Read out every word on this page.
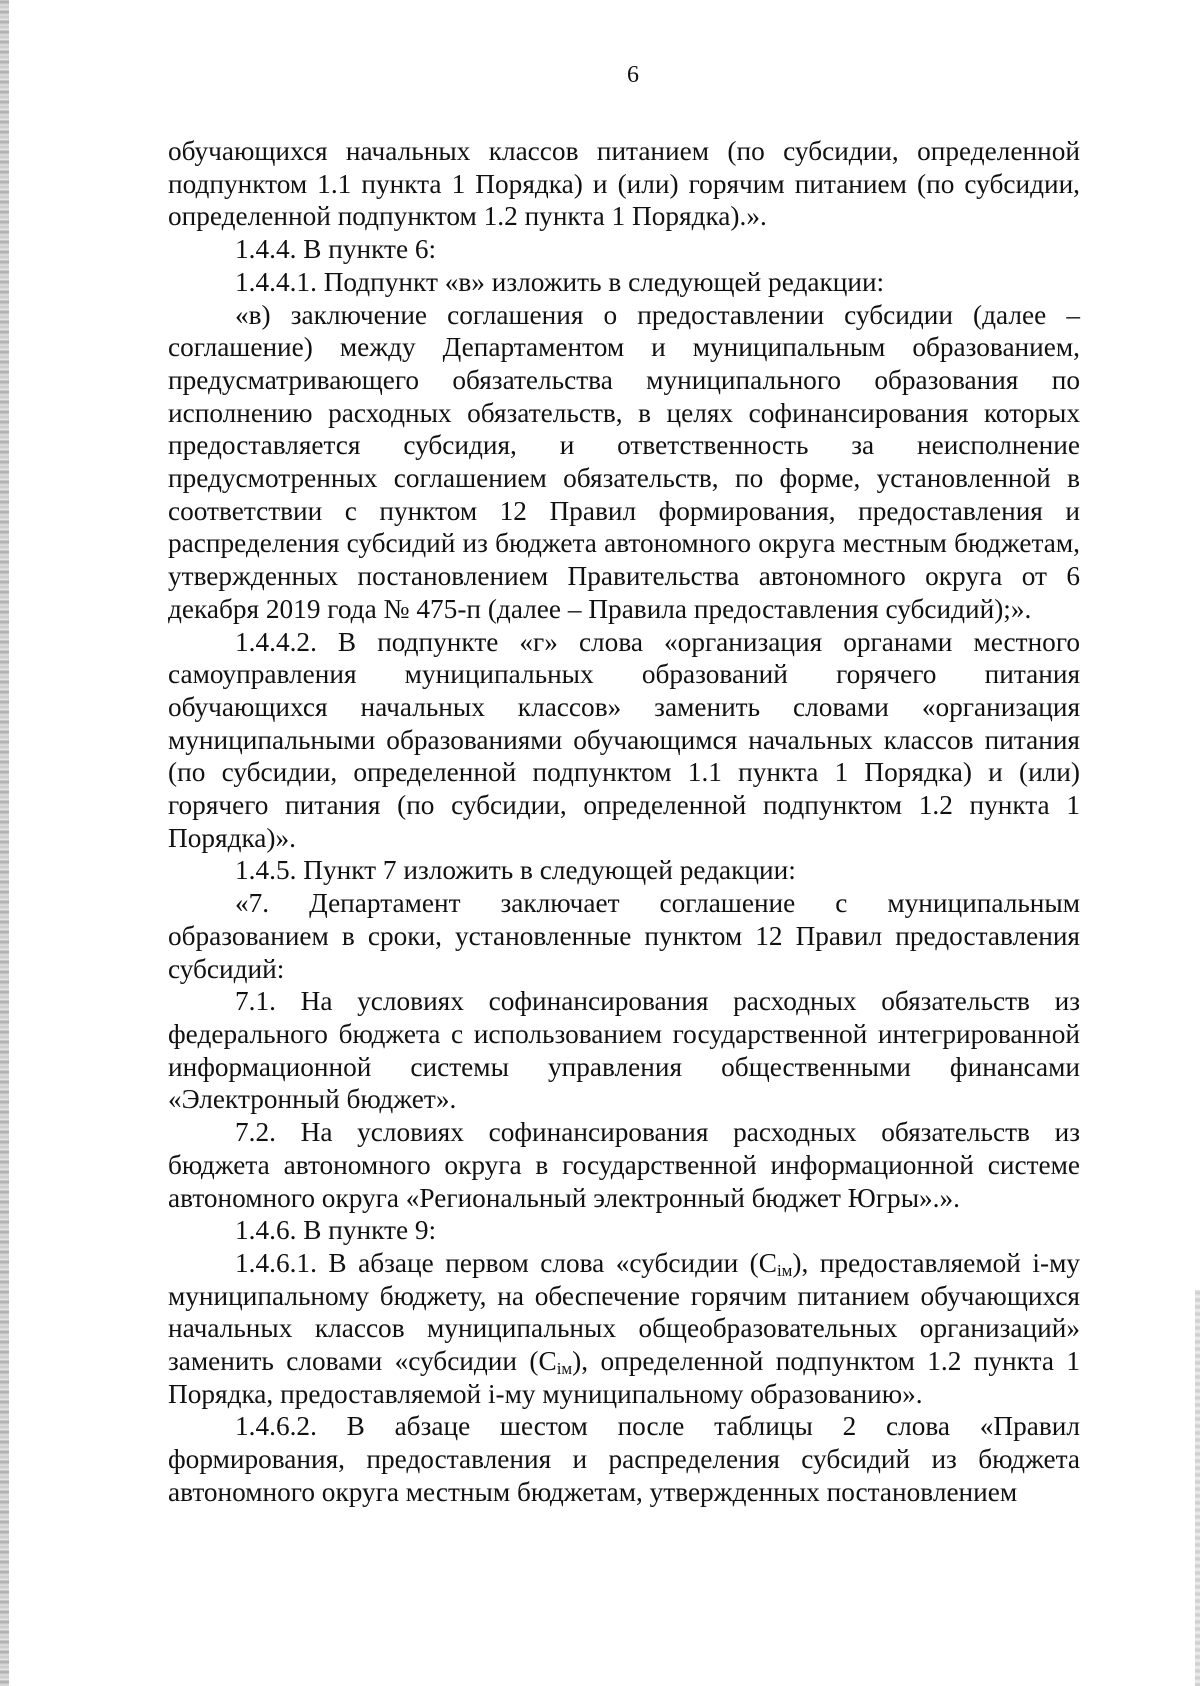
6

обучающихся начальных классов питанием (по субсидии, определенной подпунктом 1.1 пункта 1 Порядка) и (или) горячим питанием (по субсидии, определенной подпунктом 1.2 пункта 1 Порядка).».

1.4.4. В пункте 6:

1.4.4.1. Подпункт «в» изложить в следующей редакции:

«в) заключение соглашения о предоставлении субсидии (далее – соглашение) между Департаментом и муниципальным образованием, предусматривающего обязательства муниципального образования по исполнению расходных обязательств, в целях софинансирования которых предоставляется субсидия, и ответственность за неисполнение предусмотренных соглашением обязательств, по форме, установленной в соответствии с пунктом 12 Правил формирования, предоставления и распределения субсидий из бюджета автономного округа местным бюджетам, утвержденных постановлением Правительства автономного округа от 6 декабря 2019 года № 475-п (далее – Правила предоставления субсидий);».

1.4.4.2. В подпункте «г» слова «организация органами местного самоуправления муниципальных образований горячего питания обучающихся начальных классов» заменить словами «организация муниципальными образованиями обучающимся начальных классов питания (по субсидии, определенной подпунктом 1.1 пункта 1 Порядка) и (или) горячего питания (по субсидии, определенной подпунктом 1.2 пункта 1 Порядка)».

1.4.5. Пункт 7 изложить в следующей редакции:

«7. Департамент заключает соглашение с муниципальным образованием в сроки, установленные пунктом 12 Правил предоставления субсидий:

7.1. На условиях софинансирования расходных обязательств из федерального бюджета с использованием государственной интегрированной информационной системы управления общественными финансами «Электронный бюджет».

7.2. На условиях софинансирования расходных обязательств из бюджета автономного округа в государственной информационной системе автономного округа «Региональный электронный бюджет Югры».».

1.4.6. В пункте 9:

1.4.6.1. В абзаце первом слова «субсидии $(C_{iм})$, предоставляемой i-му муниципальному бюджету, на обеспечение горячим питанием обучающихся начальных классов муниципальных общеобразовательных организаций» заменить словами «субсидии $(C_{iм})$, определенной подпунктом 1.2 пункта 1 Порядка, предоставляемой i-му муниципальному образованию».

1.4.6.2. В абзаце шестом после таблицы 2 слова «Правил формирования, предоставления и распределения субсидий из бюджета автономного округа местным бюджетам, утвержденных постановлением
